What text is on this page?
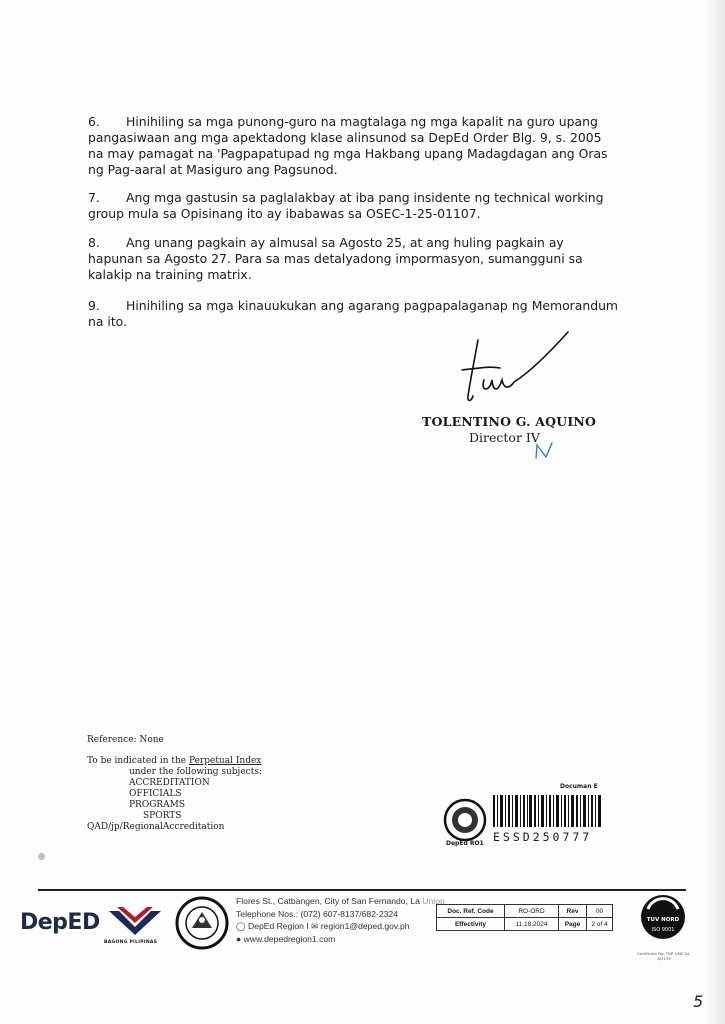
6. Hinihiling sa mga punong-guro na magtalaga ng mga kapalit na guro upang pangasiwaan ang mga apektadong klase alinsunod sa DepEd Order Blg. 9, s. 2005 na may pamagat na 'Pagpapatupad ng mga Hakbang upang Madagdagan ang Oras ng Pag-aaral at Masiguro ang Pagsunod.
7. Ang mga gastusin sa paglalakbay at iba pang insidente ng technical working group mula sa Opisinang ito ay ibabawas sa OSEC-1-25-01107.
8. Ang unang pagkain ay almusal sa Agosto 25, at ang huling pagkain ay hapunan sa Agosto 27. Para sa mas detalyadong impormasyon, sumangguni sa kalakip na training matrix.
9. Hinihiling sa mga kinauukukan ang agarang pagpapalaganap ng Memorandum na ito.
TOLENTINO G. AQUINO
Director IV
Reference: None
To be indicated in the Perpetual Index
under the following subjects:
ACCREDITATION
OFFICIALS
PROGRAMS
SPORTS
QAD/jp/RegionalAccreditation
Documan E
DepEd RO1 ESSD250777
DepED
BAGONG PILIPINAS
Flores St., Catbangen, City of San Fernando, La Union
Telephone Nos.: (072) 607-8137/682-2324
◯ DepEd Region I ✉ region1@deped.gov.ph
● www.depedregion1.com
Doc. Ref. Code	RO-ORD	Rev	00
Effectivity	11.18.2024	Page	2 of 4
TUV NORD
ISO 9001
Certificate No. TNP-QMS 24-8/2179
5
